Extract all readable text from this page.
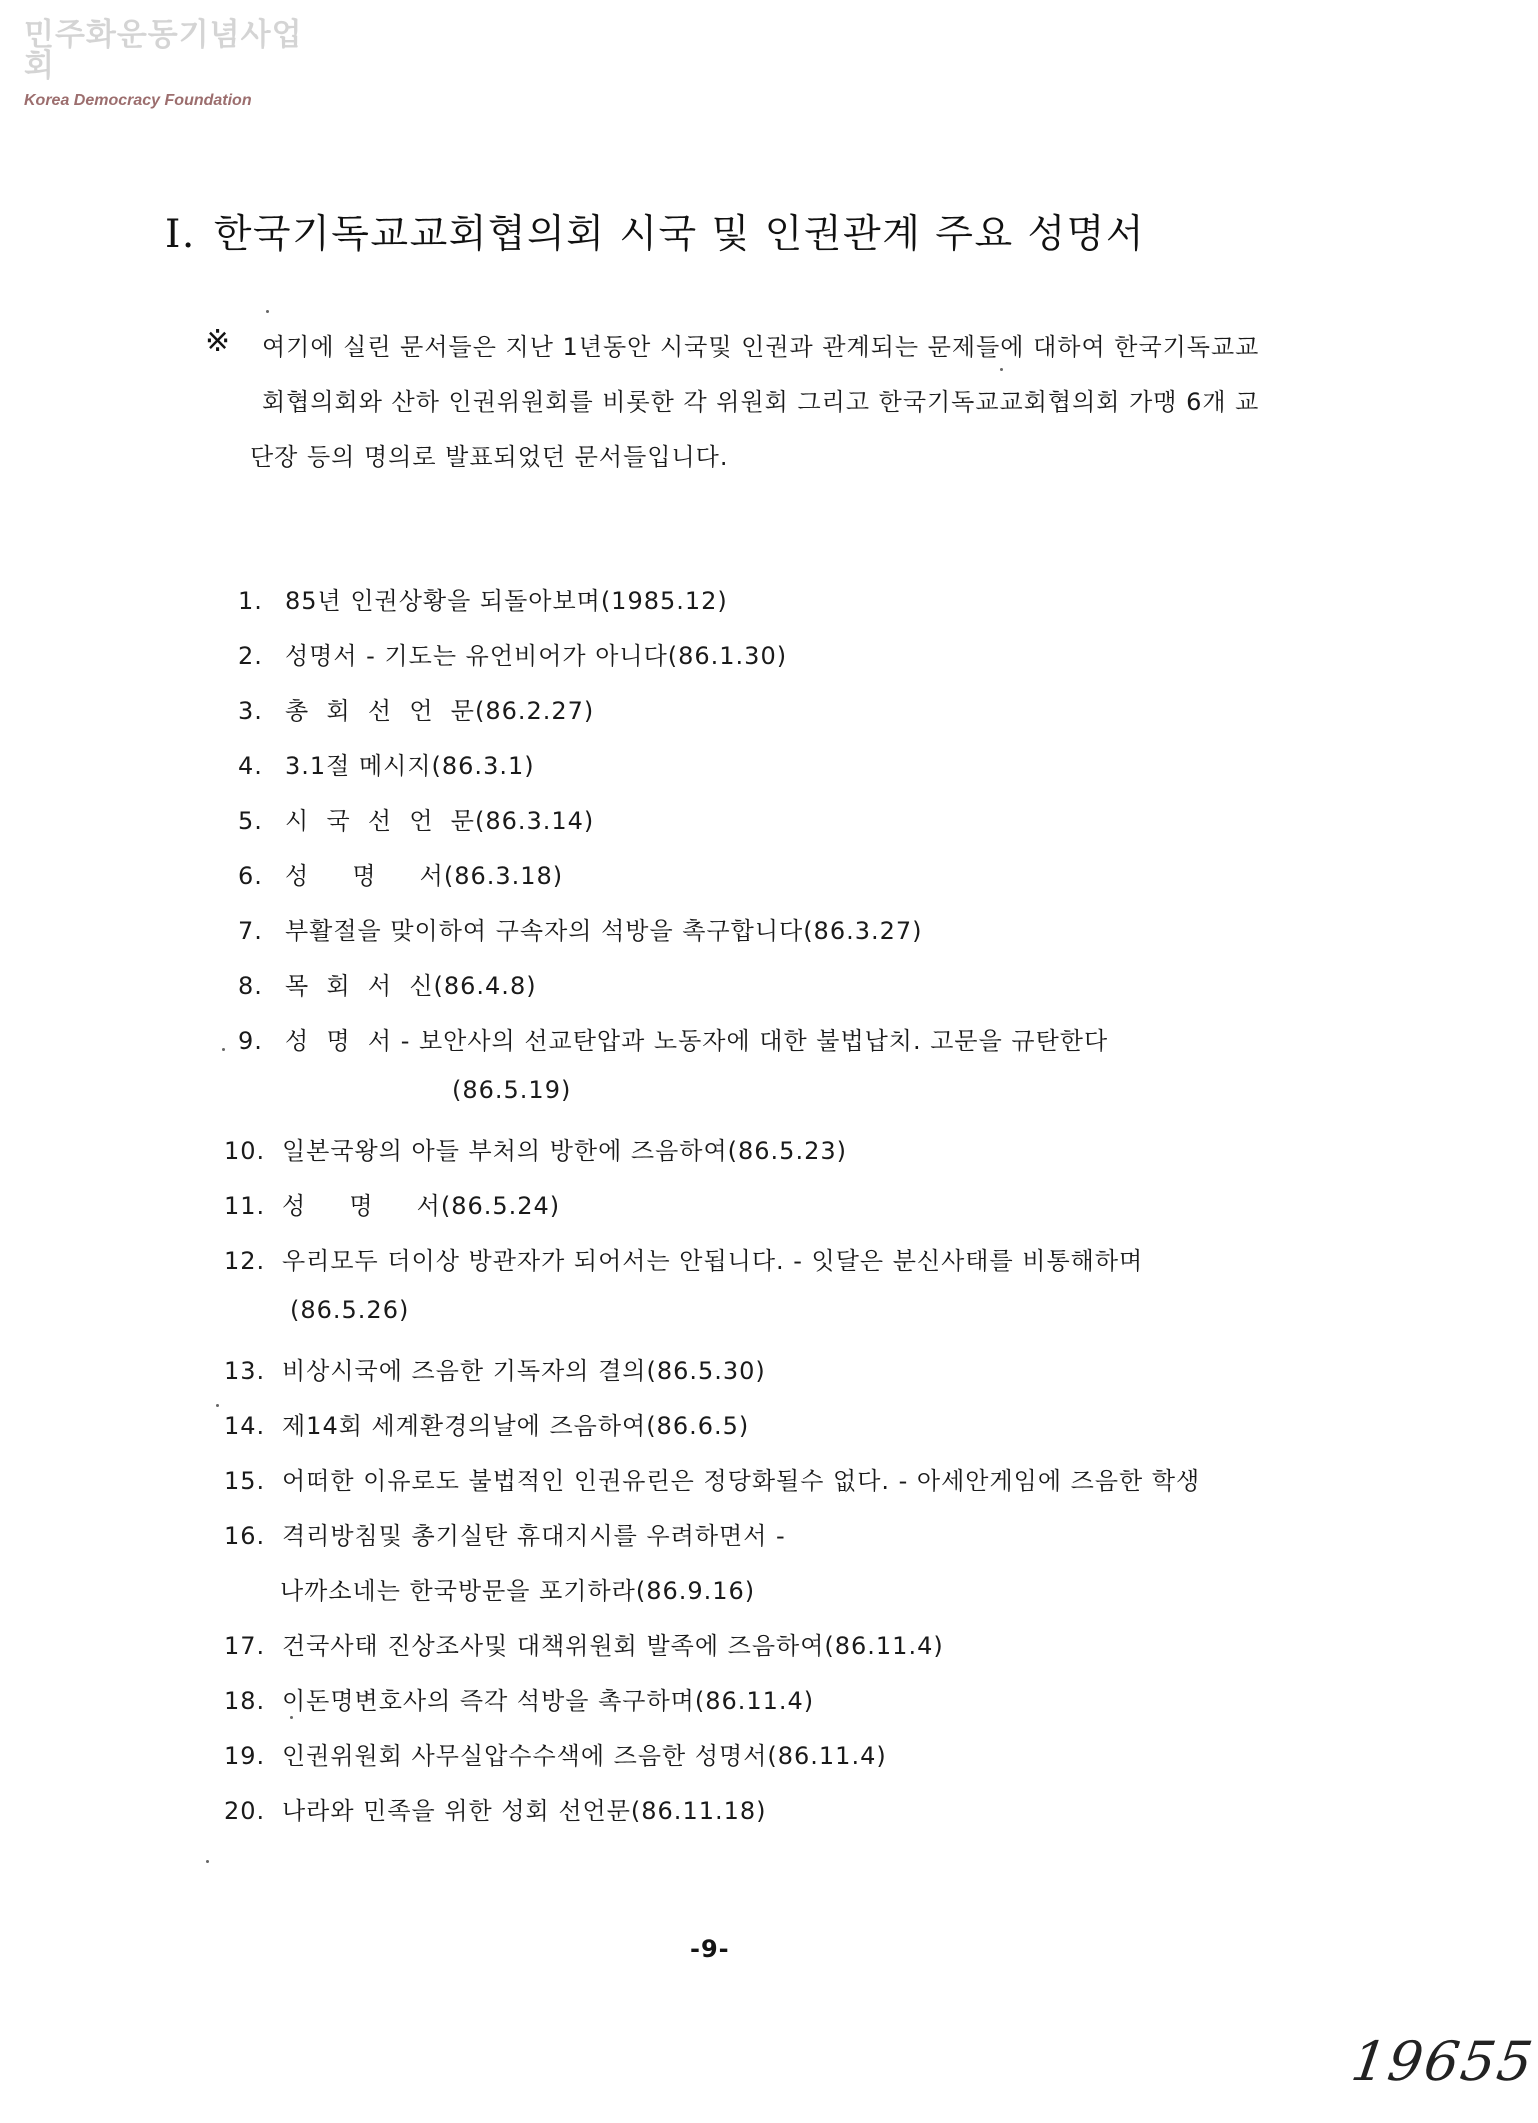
민주화운동기념사업회
Korea Democracy Foundation
I. 한국기독교교회협의회 시국 및 인권관계 주요 성명서
※ 여기에 실린 문서들은 지난 1년동안 시국및 인권과 관계되는 문제들에 대하여 한국기독교교
회협의회와 산하 인권위원회를 비롯한 각 위원회 그리고 한국기독교교회협의회 가맹 6개 교
단장 등의 명의로 발표되었던 문서들입니다.
1. 85년 인권상황을 되돌아보며(1985.12)
2. 성명서 - 기도는 유언비어가 아니다(86.1.30)
3. 총  회  선  언  문(86.2.27)
4. 3.1절 메시지(86.3.1)
5. 시  국  선  언  문(86.3.14)
6. 성     명     서(86.3.18)
7. 부활절을 맞이하여 구속자의 석방을 촉구합니다(86.3.27)
8. 목  회  서  신(86.4.8)
9. 성  명  서 - 보안사의 선교탄압과 노동자에 대한 불법납치. 고문을 규탄한다
(86.5.19)
10. 일본국왕의 아들 부처의 방한에 즈음하여(86.5.23)
11. 성     명     서(86.5.24)
12. 우리모두 더이상 방관자가 되어서는 안됩니다. - 잇달은 분신사태를 비통해하며
(86.5.26)
13. 비상시국에 즈음한 기독자의 결의(86.5.30)
14. 제14회 세계환경의날에 즈음하여(86.6.5)
15. 어떠한 이유로도 불법적인 인권유린은 정당화될수 없다. - 아세안게임에 즈음한 학생
16. 격리방침및 총기실탄 휴대지시를 우려하면서 -
나까소네는 한국방문을 포기하라(86.9.16)
17. 건국사태 진상조사및 대책위원회 발족에 즈음하여(86.11.4)
18. 이돈명변호사의 즉각 석방을 촉구하며(86.11.4)
19. 인권위원회 사무실압수수색에 즈음한 성명서(86.11.4)
20. 나라와 민족을 위한 성회 선언문(86.11.18)
-9-
19655
